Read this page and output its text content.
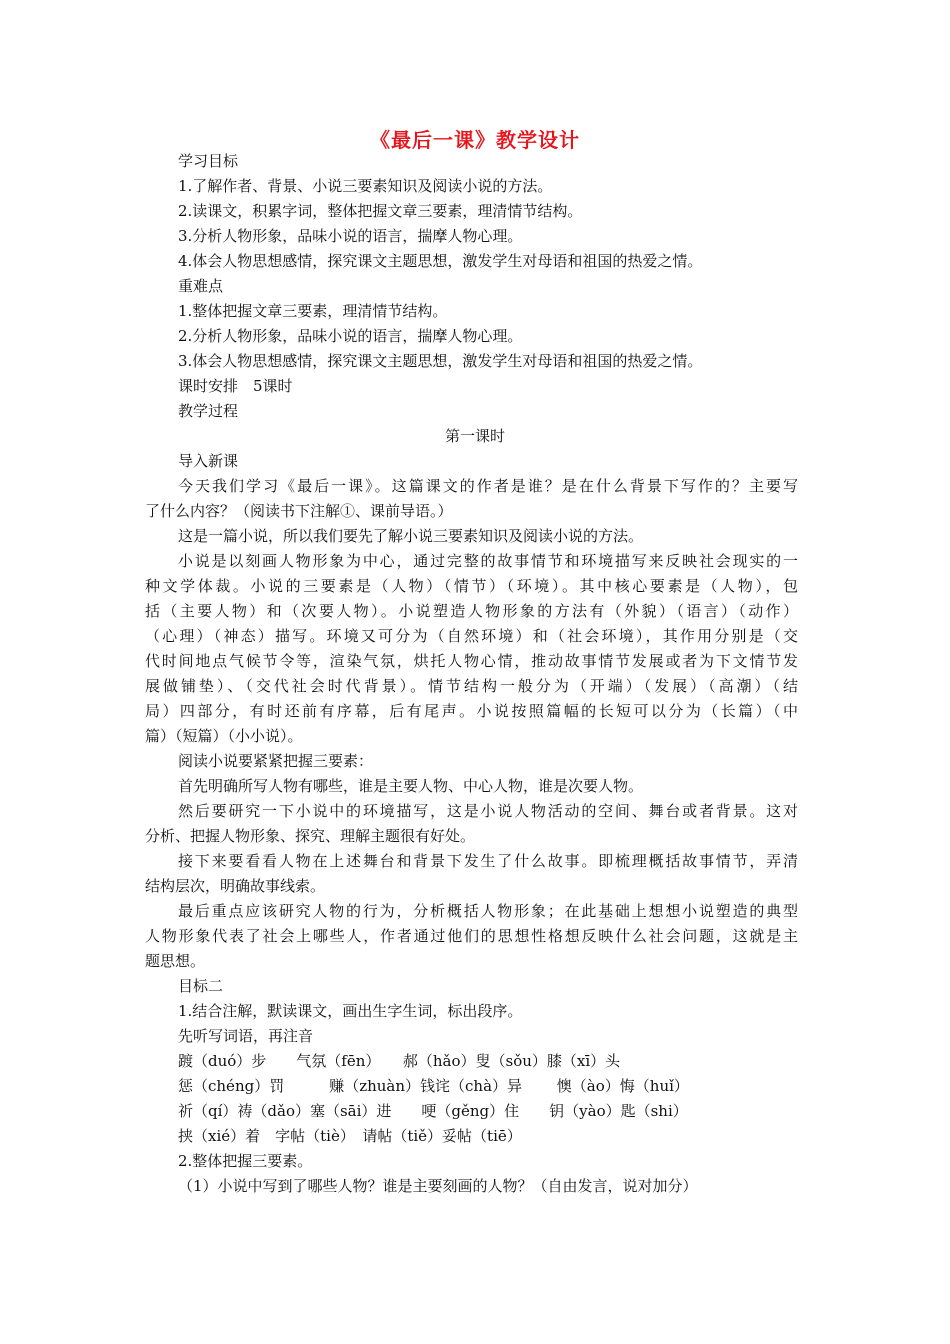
《最后一课》教学设计
学习目标
1.了解作者、背景、小说三要素知识及阅读小说的方法。
2.读课文，积累字词，整体把握文章三要素，理清情节结构。
3.分析人物形象，品味小说的语言，揣摩人物心理。
4.体会人物思想感情，探究课文主题思想，激发学生对母语和祖国的热爱之情。
重难点
1.整体把握文章三要素，理清情节结构。
2.分析人物形象，品味小说的语言，揣摩人物心理。
3.体会人物思想感情，探究课文主题思想，激发学生对母语和祖国的热爱之情。
课时安排　5课时
教学过程
第一课时
导入新课
今天我们学习《最后一课》。这篇课文的作者是谁？是在什么背景下写作的？主要写
了什么内容？（阅读书下注解①、课前导语。）
这是一篇小说，所以我们要先了解小说三要素知识及阅读小说的方法。
小说是以刻画人物形象为中心，通过完整的故事情节和环境描写来反映社会现实的一
种文学体裁。小说的三要素是（人物）（情节）（环境）。其中核心要素是（人物），包
括（主要人物）和（次要人物）。小说塑造人物形象的方法有（外貌）（语言）（动作）
（心理）（神态）描写。环境又可分为（自然环境）和（社会环境），其作用分别是（交
代时间地点气候节令等，渲染气氛，烘托人物心情，推动故事情节发展或者为下文情节发
展做铺垫）、（交代社会时代背景）。情节结构一般分为（开端）（发展）（高潮）（结
局）四部分，有时还前有序幕，后有尾声。小说按照篇幅的长短可以分为（长篇）（中
篇）（短篇）（小小说）。
阅读小说要紧紧把握三要素：
首先明确所写人物有哪些，谁是主要人物、中心人物，谁是次要人物。
然后要研究一下小说中的环境描写，这是小说人物活动的空间、舞台或者背景。这对
分析、把握人物形象、探究、理解主题很有好处。
接下来要看看人物在上述舞台和背景下发生了什么故事。即梳理概括故事情节，弄清
结构层次，明确故事线索。
最后重点应该研究人物的行为，分析概括人物形象；在此基础上想想小说塑造的典型
人物形象代表了社会上哪些人，作者通过他们的思想性格想反映什么社会问题，这就是主
题思想。
目标二
1.结合注解，默读课文，画出生字生词，标出段序。
先听写词语，再注音
踱（duó）步　　气氛（fēn）　　郝（hǎo）叟（sǒu）膝（xī）头
惩（chéng）罚　　　赚（zhuàn）钱诧（chà）异　　 懊（ào）悔（huǐ）
祈（qí）祷（dǎo）塞（sāi）进　　哽（gěng）住　　钥（yào）匙（shi）
挟（xié）着　字帖（tiè）　请帖（tiě）妥帖（tiē）
2.整体把握三要素。
（1）小说中写到了哪些人物？谁是主要刻画的人物？（自由发言，说对加分）
